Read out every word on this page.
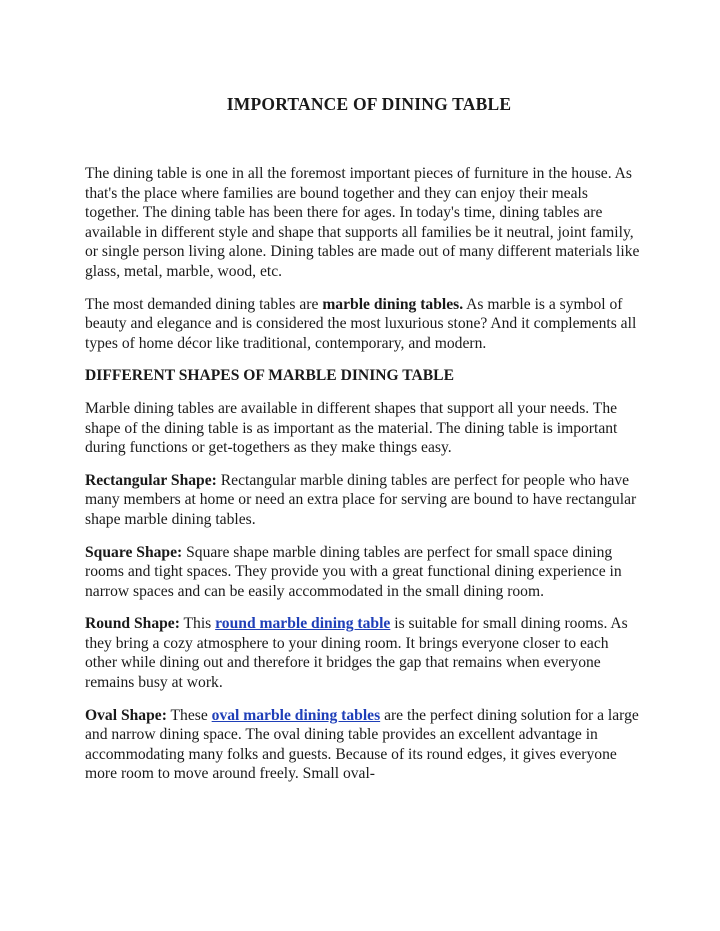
IMPORTANCE OF DINING TABLE

The dining table is one in all the foremost important pieces of furniture in the house. As that's the place where families are bound together and they can enjoy their meals together. The dining table has been there for ages. In today's time, dining tables are available in different style and shape that supports all families be it neutral, joint family, or single person living alone. Dining tables are made out of many different materials like glass, metal, marble, wood, etc.

The most demanded dining tables are marble dining tables. As marble is a symbol of beauty and elegance and is considered the most luxurious stone? And it complements all types of home décor like traditional, contemporary, and modern.

DIFFERENT SHAPES OF MARBLE DINING TABLE

Marble dining tables are available in different shapes that support all your needs. The shape of the dining table is as important as the material. The dining table is important during functions or get-togethers as they make things easy.

Rectangular Shape: Rectangular marble dining tables are perfect for people who have many members at home or need an extra place for serving are bound to have rectangular shape marble dining tables.

Square Shape: Square shape marble dining tables are perfect for small space dining rooms and tight spaces. They provide you with a great functional dining experience in narrow spaces and can be easily accommodated in the small dining room.

Round Shape: This round marble dining table is suitable for small dining rooms. As they bring a cozy atmosphere to your dining room. It brings everyone closer to each other while dining out and therefore it bridges the gap that remains when everyone remains busy at work.

Oval Shape: These oval marble dining tables are the perfect dining solution for a large and narrow dining space. The oval dining table provides an excellent advantage in accommodating many folks and guests. Because of its round edges, it gives everyone more room to move around freely. Small oval-
